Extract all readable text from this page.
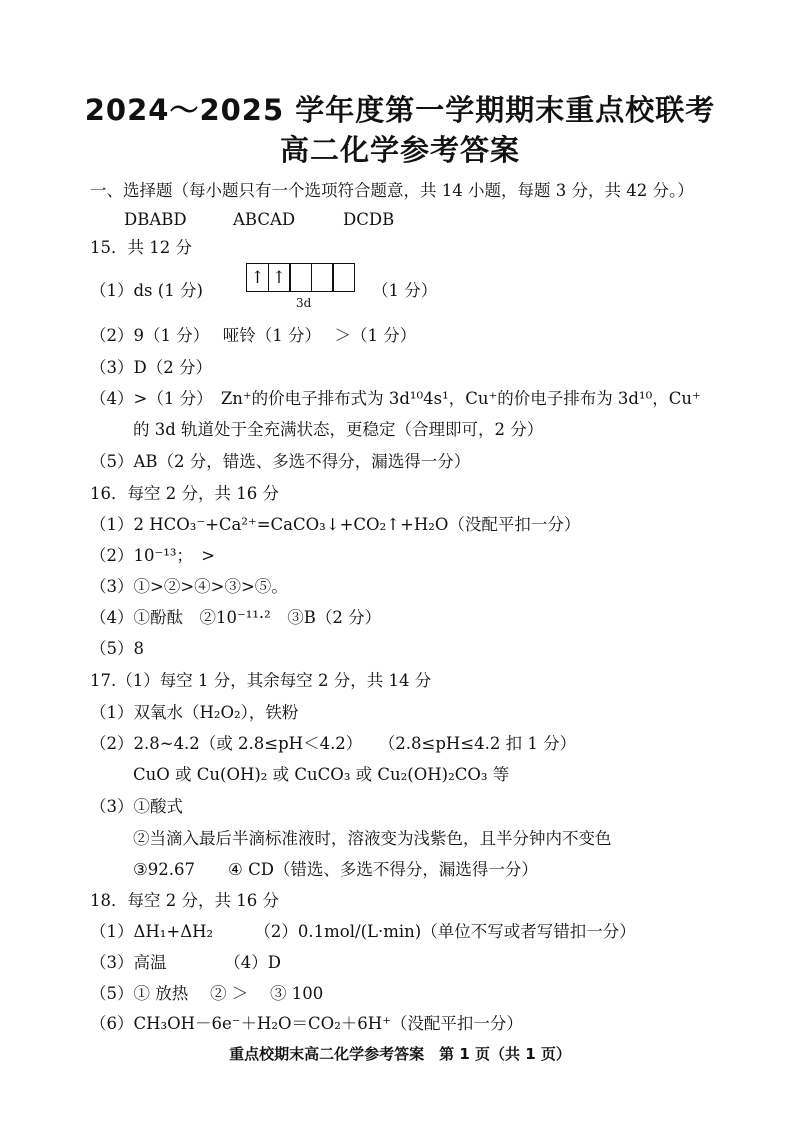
2024～2025 学年度第一学期期末重点校联考
高二化学参考答案
一、选择题（每小题只有一个选项符合题意，共 14 小题，每题 3 分，共 42 分。）
DBABD	ABCAD	DCDB
15．共 12 分
（1）ds (1 分)
↑ ↑
3d
（1 分）
（2）9（1 分）　 哑铃（1 分）　 ＞（1 分）
（3）D（2 分）
（4）>（1 分）　Zn⁺的价电子排布式为 3d¹⁰4s¹，Cu⁺的价电子排布为 3d¹⁰，Cu⁺
的 3d 轨道处于全充满状态，更稳定（合理即可，2 分）
（5）AB（2 分，错选、多选不得分，漏选得一分）
16．每空 2 分，共 16 分
（1）2 HCO₃⁻+Ca²⁺=CaCO₃↓+CO₂↑+H₂O（没配平扣一分）
（2）10⁻¹³；　>
（3）①>②>④>③>⑤。
（4）①酚酞　②10⁻¹¹·²　③B（2 分）
（5）8
17.（1）每空 1 分，其余每空 2 分，共 14 分
（1）双氧水（H₂O₂），铁粉
（2）2.8~4.2（或 2.8≤pH＜4.2）　　（2.8≤pH≤4.2 扣 1 分）
CuO 或 Cu(OH)₂ 或 CuCO₃ 或 Cu₂(OH)₂CO₃ 等
（3）①酸式
②当滴入最后半滴标准液时，溶液变为浅紫色，且半分钟内不变色
③92.67　　④ CD（错选、多选不得分，漏选得一分）
18．每空 2 分，共 16 分
（1）ΔH₁+ΔH₂　　　（2）0.1mol/(L·min)（单位不写或者写错扣一分）
（3）高温　　　　（4）D
（5）① 放热　 ② ＞　 ③ 100
（6）CH₃OH－6e⁻＋H₂O＝CO₂＋6H⁺（没配平扣一分）
重点校期末高二化学参考答案　第 1 页（共 1 页）
